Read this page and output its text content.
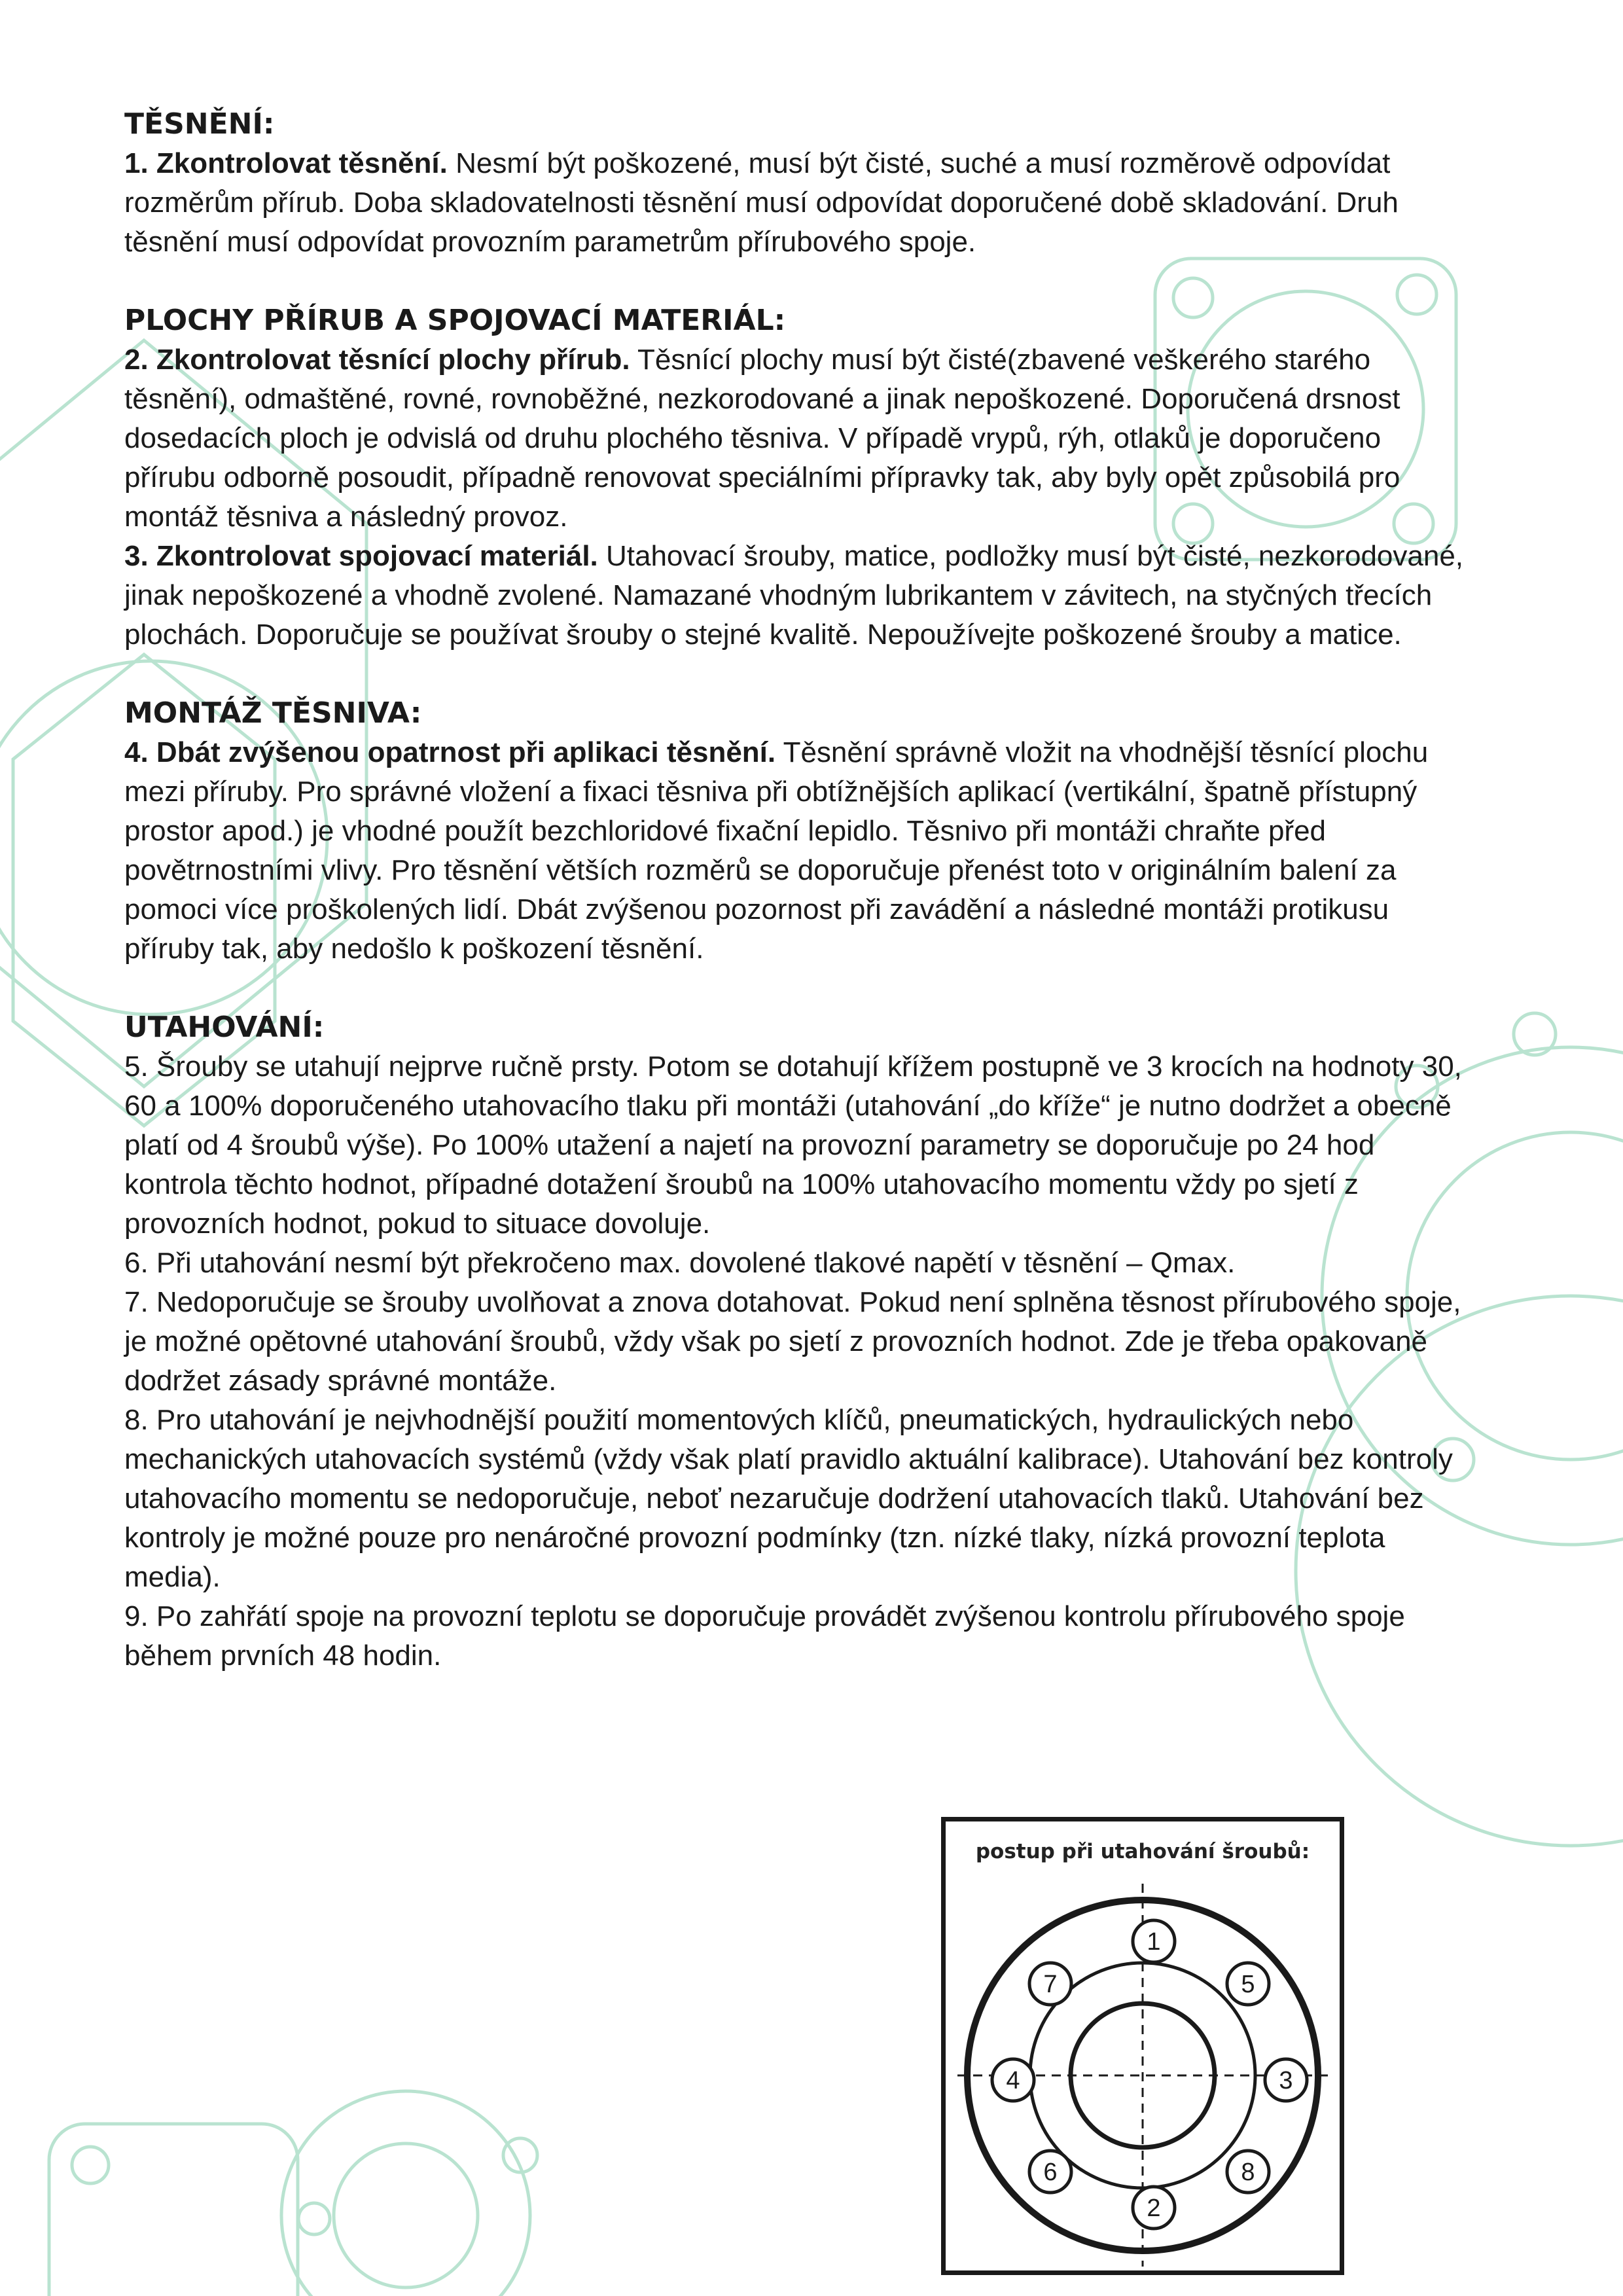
TĚSNĚNÍ:

1. Zkontrolovat těsnění. Nesmí být poškozené, musí být čisté, suché a musí rozměrově odpovídat rozměrům přírub. Doba skladovatelnosti těsnění musí odpovídat doporučené době skladování. Druh těsnění musí odpovídat provozním parametrům přírubového spoje.

PLOCHY PŘÍRUB A SPOJOVACÍ MATERIÁL:

2. Zkontrolovat těsnící plochy přírub. Těsnící plochy musí být čisté(zbavené veškerého starého těsnění), odmaštěné, rovné, rovnoběžné, nezkorodované a jinak nepoškozené. Doporučená drsnost dosedacích ploch je odvislá od druhu plochého těsniva. V případě vrypů, rýh, otlaků je doporučeno přírubu odborně posoudit, případně renovovat speciálními přípravky tak, aby byly opět způsobilá pro montáž těsniva a následný provoz.

3. Zkontrolovat spojovací materiál. Utahovací šrouby, matice, podložky musí být čisté, nezkorodované, jinak nepoškozené a vhodně zvolené. Namazané vhodným lubrikantem v závitech, na styčných třecích plochách. Doporučuje se používat šrouby o stejné kvalitě. Nepoužívejte poškozené šrouby a matice.

MONTÁŽ TĚSNIVA:

4. Dbát zvýšenou opatrnost při aplikaci těsnění. Těsnění správně vložit na vhodnější těsnící plochu mezi příruby. Pro správné vložení a fixaci těsniva při obtížnějších aplikací (vertikální, špatně přístupný prostor apod.) je vhodné použít bezchloridové fixační lepidlo. Těsnivo při montáži chraňte před povětrnostními vlivy. Pro těsnění větších rozměrů se doporučuje přenést toto v originálním balení za pomoci více proškolených lidí. Dbát zvýšenou pozornost při zavádění a následné montáži protikusu příruby tak, aby nedošlo k poškození těsnění.

UTAHOVÁNÍ:

5. Šrouby se utahují nejprve ručně prsty. Potom se dotahují křížem postupně ve 3 krocích na hodnoty 30, 60 a 100% doporučeného utahovacího tlaku při montáži (utahování „do kříže“ je nutno dodržet a obecně platí od 4 šroubů výše). Po 100% utažení a najetí na provozní parametry se doporučuje po 24 hod kontrola těchto hodnot, případné dotažení šroubů na 100% utahovacího momentu vždy po sjetí z provozních hodnot, pokud to situace dovoluje.

6. Při utahování nesmí být překročeno max. dovolené tlakové napětí v těsnění – Qmax.

7. Nedoporučuje se šrouby uvolňovat a znova dotahovat. Pokud není splněna těsnost přírubového spoje, je možné opětovné utahování šroubů, vždy však po sjetí z provozních hodnot. Zde je třeba opakovaně dodržet zásady správné montáže.

8. Pro utahování je nejvhodnější použití momentových klíčů, pneumatických, hydraulických nebo mechanických utahovacích systémů (vždy však platí pravidlo aktuální kalibrace). Utahování bez kontroly utahovacího momentu se nedoporučuje, neboť nezaručuje dodržení utahovacích tlaků. Utahování bez kontroly je možné pouze pro nenáročné provozní podmínky (tzn. nízké tlaky, nízká provozní teplota media).

9. Po zahřátí spoje na provozní teplotu se doporučuje provádět zvýšenou kontrolu přírubového spoje během prvních 48 hodin.

postup při utahování šroubů:
1
2
3
4
5
6
7
8
